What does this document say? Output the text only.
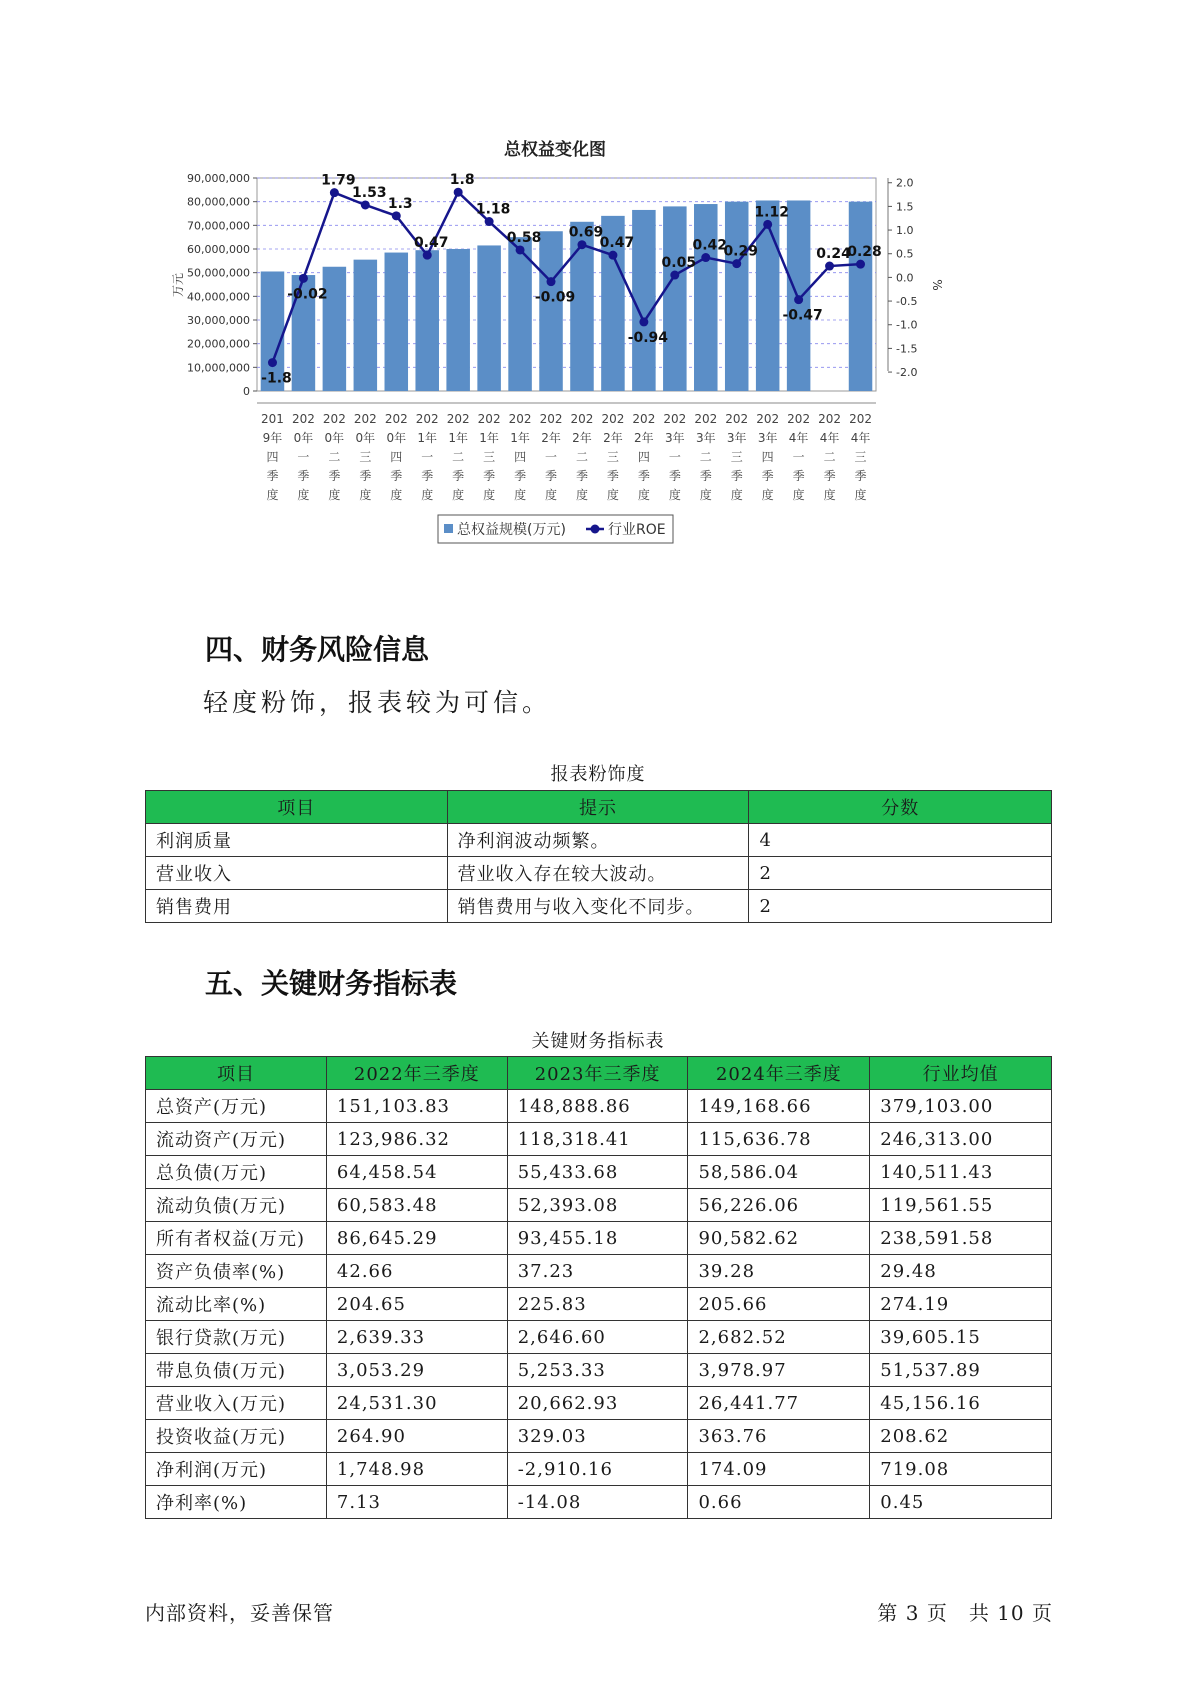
总权益变化图
0
10,000,000
20,000,000
30,000,000
40,000,000
50,000,000
60,000,000
70,000,000
80,000,000
90,000,000	2.0
1.5
1.0
0.5
0.0
-0.5
-1.0
-1.5
-2.0
万元	%
201
9年
四
季
度
202
0年
一
季
度
202
0年
二
季
度
202
0年
三
季
度
202
0年
四
季
度
202
1年
一
季
度
202
1年
二
季
度
202
1年
三
季
度
202
1年
四
季
度
202
2年
一
季
度
202
2年
二
季
度
202
2年
三
季
度
202
2年
四
季
度
202
3年
一
季
度
202
3年
二
季
度
202
3年
三
季
度
202
3年
四
季
度
202
4年
一
季
度
202
4年
二
季
度
202
4年
三
季
度
-1.8
-0.02
1.79
1.53
1.3
0.47
1.8
1.18
0.58
-0.09
0.69
0.47
-0.94
0.05
0.42
0.29
1.12
-0.47
0.24
0.28
总权益规模(万元)	行业ROE
四、财务风险信息

轻度粉饰，报表较为可信。

报表粉饰度
项目	提示	分数
利润质量	净利润波动频繁。	4
营业收入	营业收入存在较大波动。	2
销售费用	销售费用与收入变化不同步。	2
五、关键财务指标表
关键财务指标表
项目	2022年三季度	2023年三季度	2024年三季度	行业均值
总资产(万元)	151,103.83	148,888.86	149,168.66	379,103.00
流动资产(万元)	123,986.32	118,318.41	115,636.78	246,313.00
总负债(万元)	64,458.54	55,433.68	58,586.04	140,511.43
流动负债(万元)	60,583.48	52,393.08	56,226.06	119,561.55
所有者权益(万元)	86,645.29	93,455.18	90,582.62	238,591.58
资产负债率(%)	42.66	37.23	39.28	29.48
流动比率(%)	204.65	225.83	205.66	274.19
银行贷款(万元)	2,639.33	2,646.60	2,682.52	39,605.15
带息负债(万元)	3,053.29	5,253.33	3,978.97	51,537.89
营业收入(万元)	24,531.30	20,662.93	26,441.77	45,156.16
投资收益(万元)	264.90	329.03	363.76	208.62
净利润(万元)	1,748.98	-2,910.16	174.09	719.08
净利率(%)	7.13	-14.08	0.66	0.45
内部资料，妥善保管	第 3 页　共 10 页
